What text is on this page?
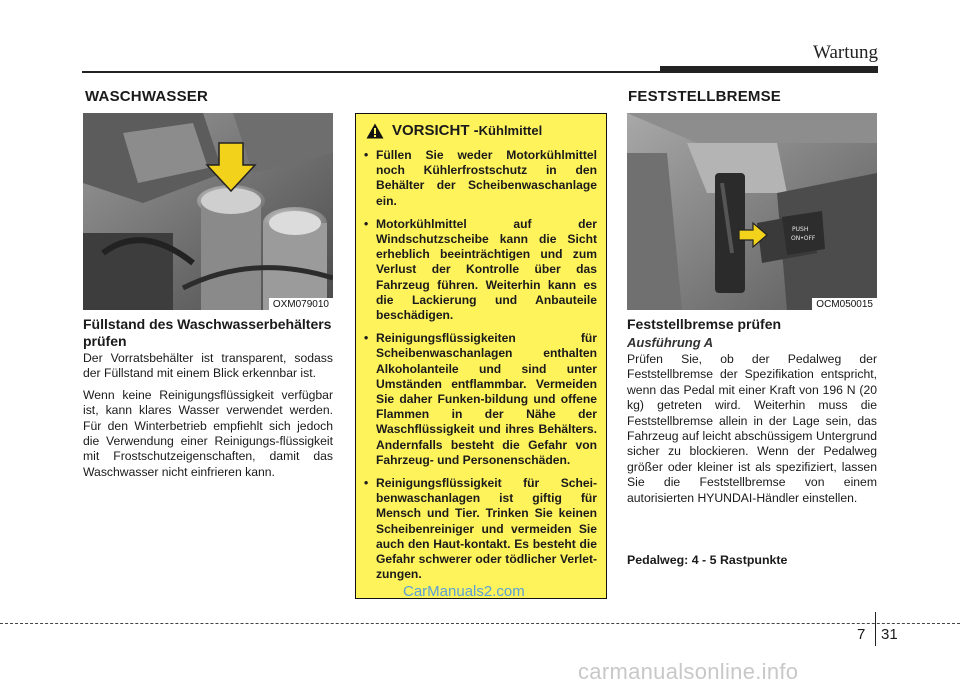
Wartung
WASCHWASSER
OXM079010
Füllstand des Waschwasserbehälters prüfen

Der Vorratsbehälter ist transparent, sodass der Füllstand mit einem Blick erkennbar ist.

Wenn keine Reinigungsflüssigkeit verfügbar ist, kann klares Wasser verwendet werden. Für den Winterbetrieb empfiehlt sich jedoch die Verwendung einer Reinigungs-flüssigkeit mit Frostschutzeigenschaften, damit das Waschwasser nicht einfrieren kann.

VORSICHT - Kühlmittel
• Füllen Sie weder Motorkühlmittel noch Kühlerfrostschutz in den Behälter der Scheibenwaschanlage ein.
• Motorkühlmittel auf der Windschutzscheibe kann die Sicht erheblich beeinträchtigen und zum Verlust der Kontrolle über das Fahrzeug führen. Weiterhin kann es die Lackierung und Anbauteile beschädigen.
• Reinigungsflüssigkeiten für Scheibenwaschanlagen enthalten Alkoholanteile und sind unter Umständen entflammbar. Vermeiden Sie daher Funken-bildung und offene Flammen in der Nähe der Waschflüssigkeit und ihres Behälters. Andernfalls besteht die Gefahr von Fahrzeug- und Personenschäden.
• Reinigungsflüssigkeit für Schei-benwaschanlagen ist giftig für Mensch und Tier. Trinken Sie keinen Scheibenreiniger und vermeiden Sie auch den Haut-kontakt. Es besteht die Gefahr schwerer oder tödlicher Verlet-zungen.
FESTSTELLBREMSE
PUSH
ON•OFF
OCM050015
Feststellbremse prüfen
Ausführung A

Prüfen Sie, ob der Pedalweg der Feststellbremse der Spezifikation entspricht, wenn das Pedal mit einer Kraft von 196 N (20 kg) getreten wird. Weiterhin muss die Feststellbremse allein in der Lage sein, das Fahrzeug auf leicht abschüssigem Untergrund sicher zu blockieren. Wenn der Pedalweg größer oder kleiner ist als spezifiziert, lassen Sie die Feststellbremse von einem autorisierten HYUNDAI-Händler einstellen.

Pedalweg: 4 - 5 Rastpunkte
CarManuals2.com
7 31
carmanualsonline.info
